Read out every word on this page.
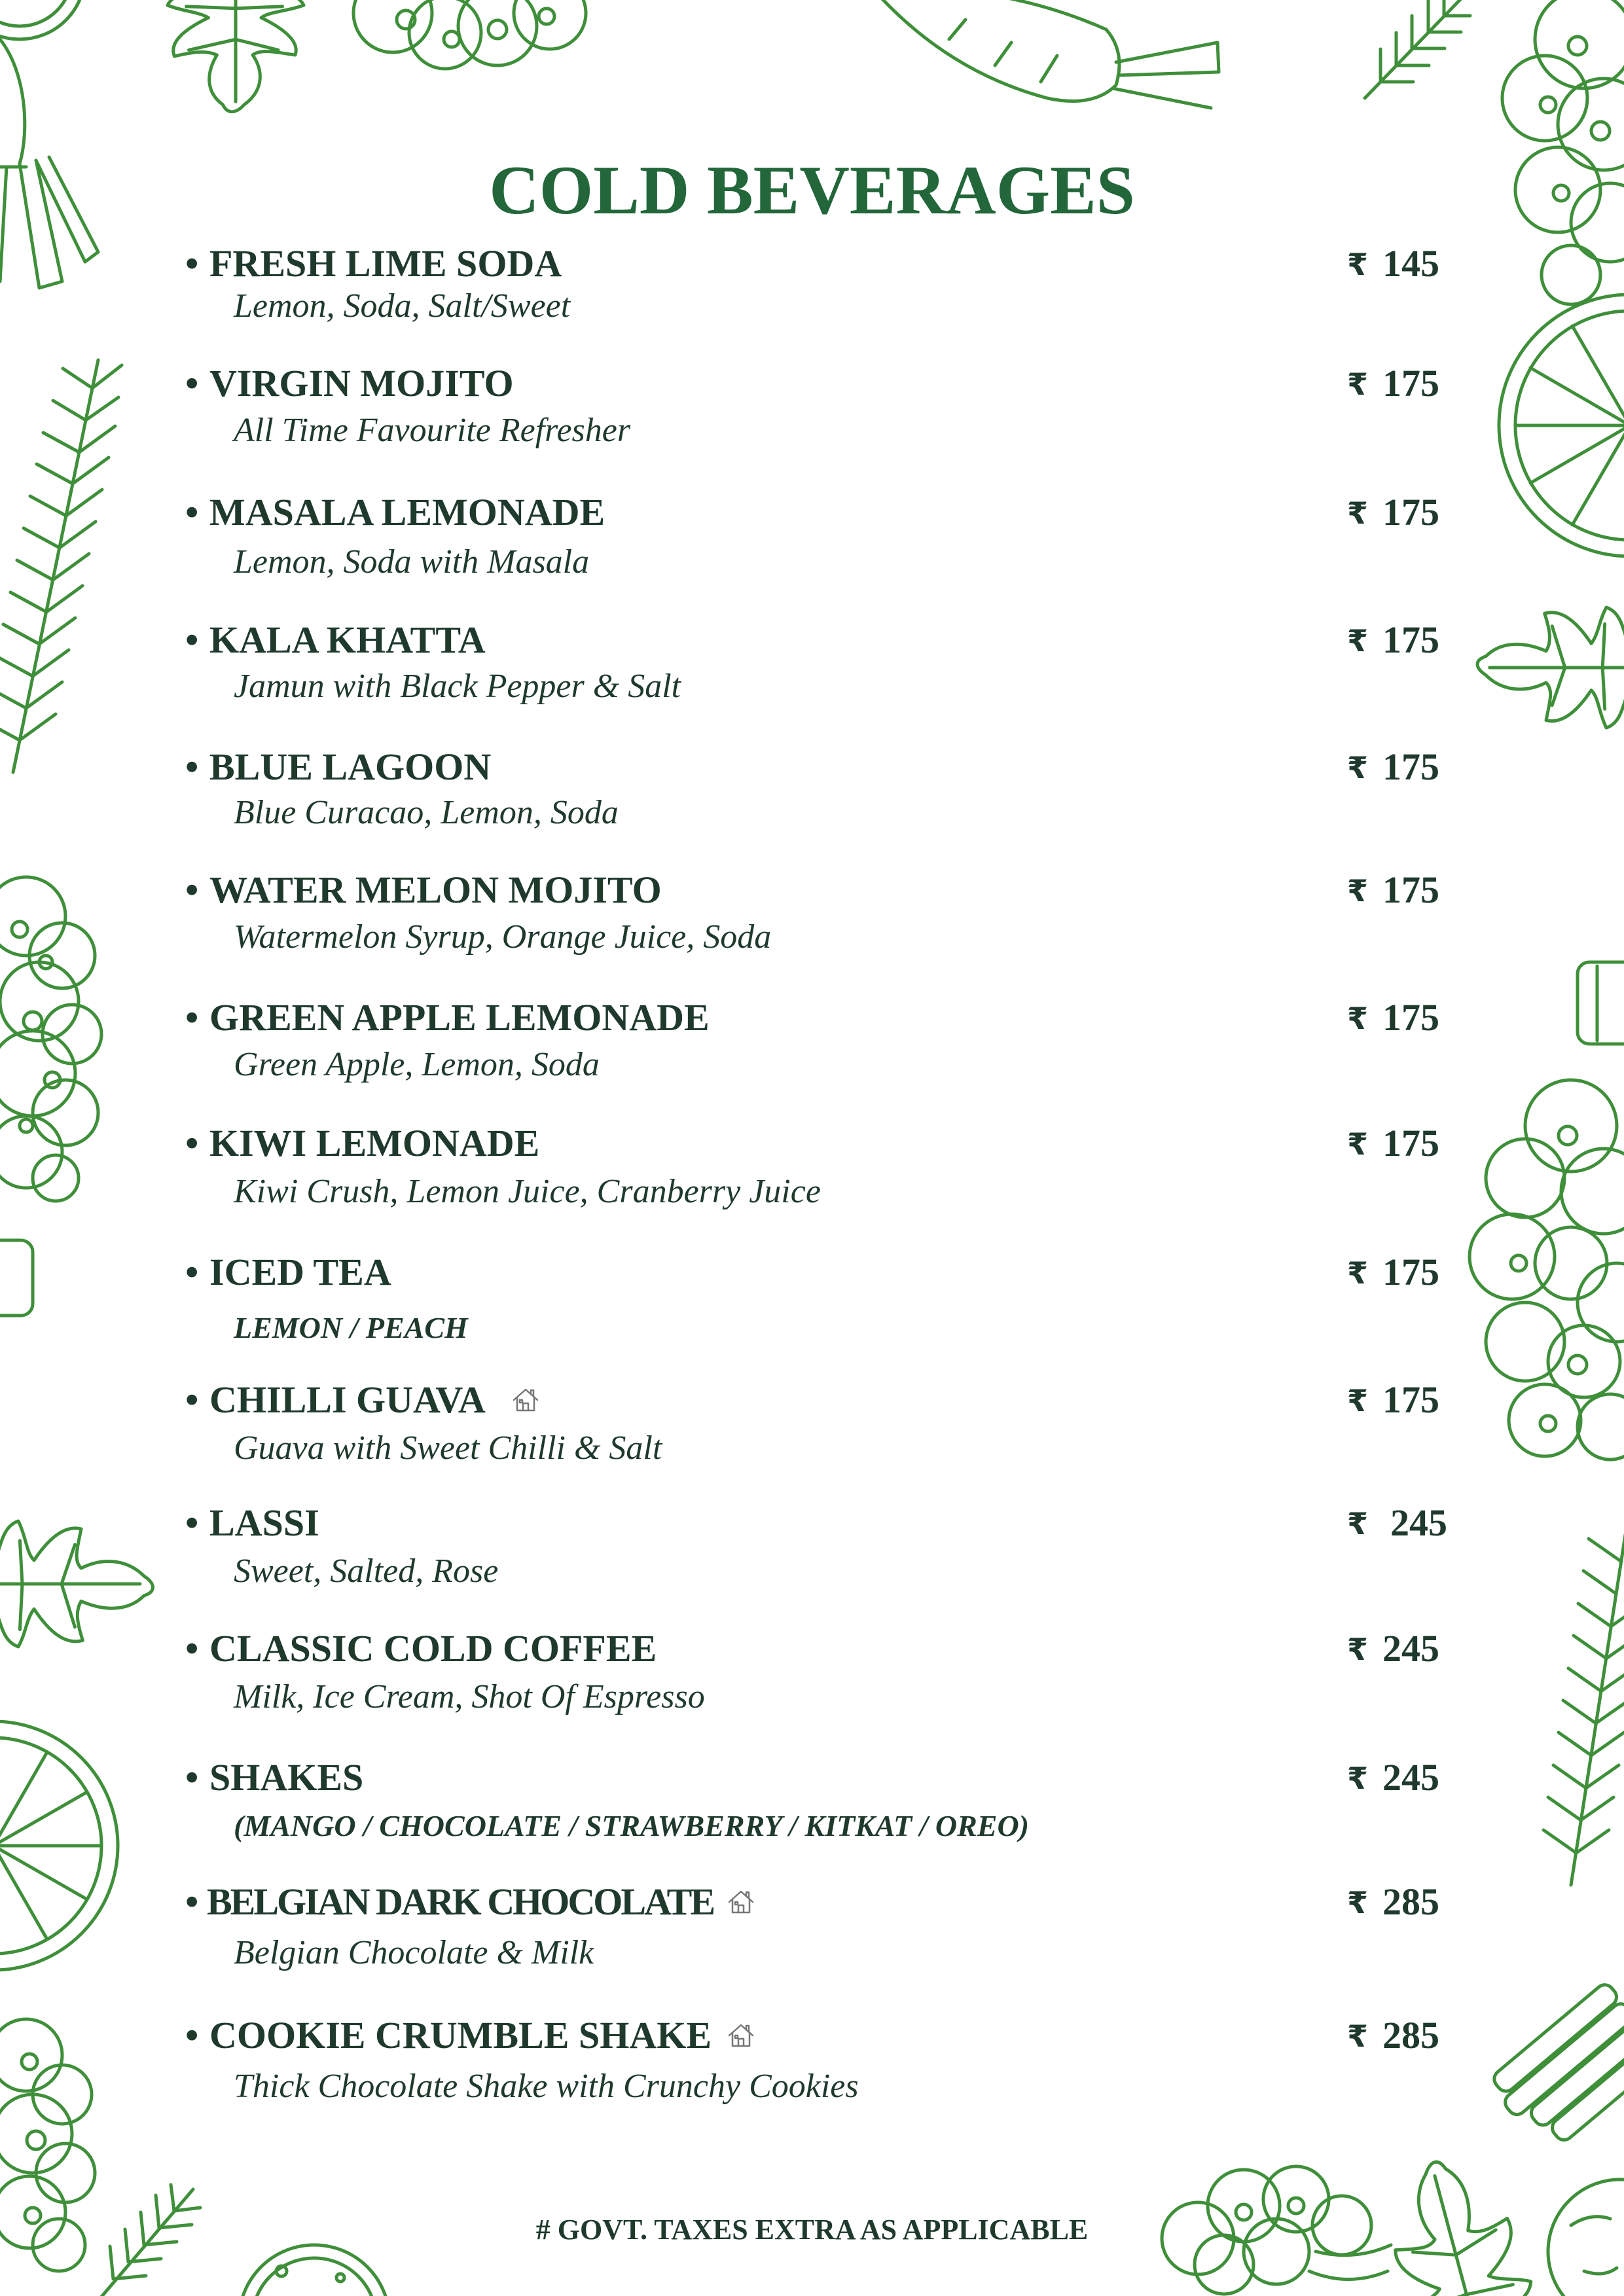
COLD BEVERAGES
• FRESH LIME SODA	₹ 145
Lemon, Soda, Salt/Sweet
• VIRGIN MOJITO	₹ 175
All Time Favourite Refresher
• MASALA LEMONADE	₹ 175
Lemon, Soda with Masala
• KALA KHATTA	₹ 175
Jamun with Black Pepper & Salt
• BLUE LAGOON	₹ 175
Blue Curacao, Lemon, Soda
• WATER MELON MOJITO	₹ 175
Watermelon Syrup, Orange Juice, Soda
• GREEN APPLE LEMONADE	₹ 175
Green Apple, Lemon, Soda
• KIWI LEMONADE	₹ 175
Kiwi Crush, Lemon Juice, Cranberry Juice
• ICED TEA	₹ 175
LEMON / PEACH
• CHILLI GUAVA	₹ 175
Guava with Sweet Chilli & Salt
• LASSI	₹ 245
Sweet, Salted, Rose
• CLASSIC COLD COFFEE	₹ 245
Milk, Ice Cream, Shot Of Espresso
• SHAKES	₹ 245
(MANGO / CHOCOLATE / STRAWBERRY / KITKAT / OREO)
• BELGIAN DARK CHOCOLATE	₹ 285
Belgian Chocolate & Milk
• COOKIE CRUMBLE SHAKE	₹ 285
Thick Chocolate Shake with Crunchy Cookies
# GOVT. TAXES EXTRA AS APPLICABLE
